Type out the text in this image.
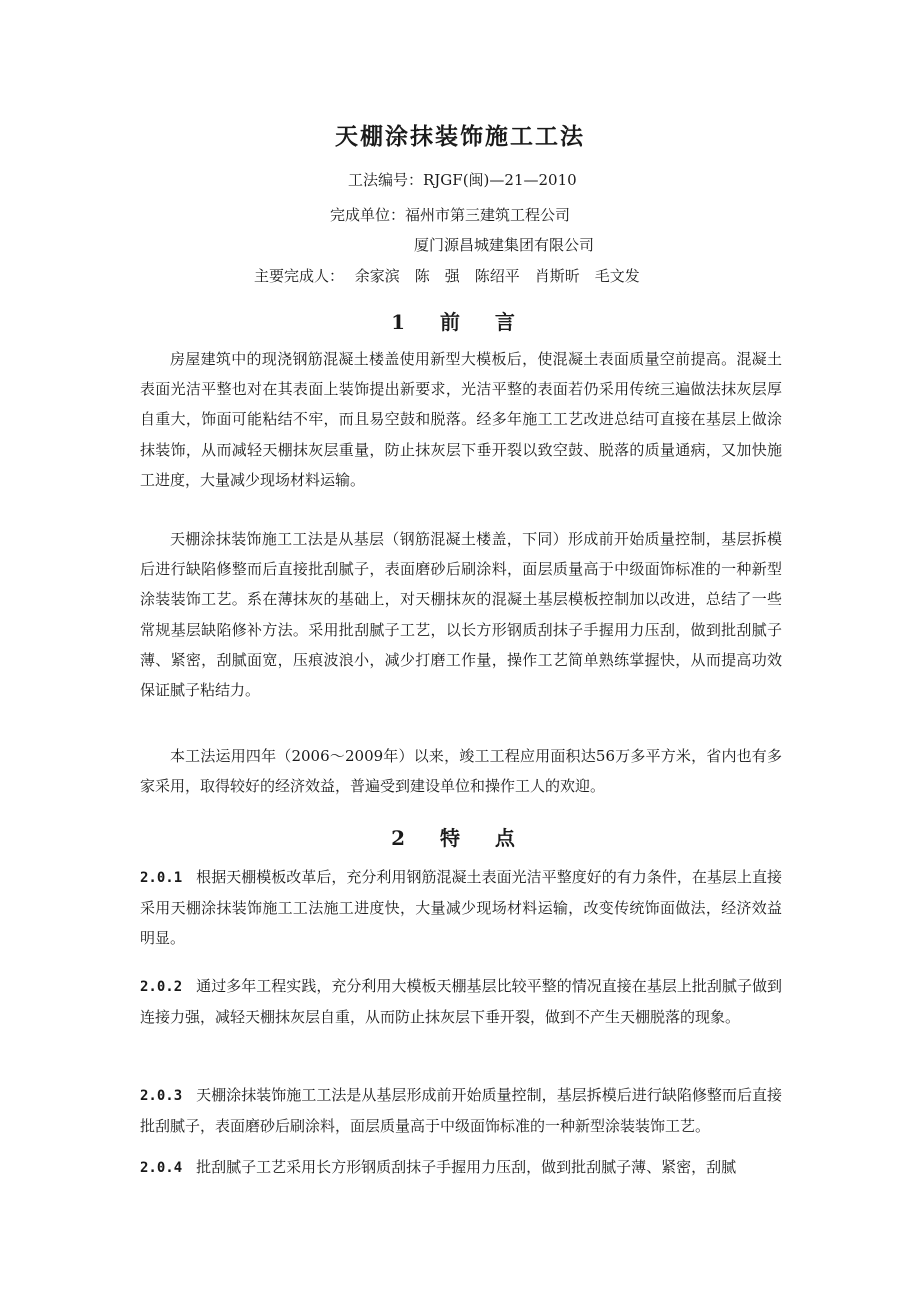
天棚涂抹装饰施工工法
工法编号：RJGF(闽)—21—2010
完成单位：福州市第三建筑工程公司
厦门源昌城建集团有限公司
主要完成人： 余家滨　陈　强　陈绍平　肖斯昕　毛文发
1 前 言

房屋建筑中的现浇钢筋混凝土楼盖使用新型大模板后，使混凝土表面质量空前提高。混凝土表面光洁平整也对在其表面上装饰提出新要求，光洁平整的表面若仍采用传统三遍做法抹灰层厚自重大，饰面可能粘结不牢，而且易空鼓和脱落。经多年施工工艺改进总结可直接在基层上做涂抹装饰，从而减轻天棚抹灰层重量，防止抹灰层下垂开裂以致空鼓、脱落的质量通病，又加快施工进度，大量减少现场材料运输。

天棚涂抹装饰施工工法是从基层（钢筋混凝土楼盖，下同）形成前开始质量控制，基层拆模后进行缺陷修整而后直接批刮腻子，表面磨砂后刷涂料，面层质量高于中级面饰标准的一种新型涂装装饰工艺。系在薄抹灰的基础上，对天棚抹灰的混凝土基层模板控制加以改进，总结了一些常规基层缺陷修补方法。采用批刮腻子工艺，以长方形钢质刮抹子手握用力压刮，做到批刮腻子薄、紧密，刮腻面宽，压痕波浪小，减少打磨工作量，操作工艺简单熟练掌握快，从而提高功效保证腻子粘结力。

本工法运用四年（2006～2009年）以来，竣工工程应用面积达56万多平方米，省内也有多家采用，取得较好的经济效益，普遍受到建设单位和操作工人的欢迎。

2 特 点

2.0.1 根据天棚模板改革后，充分利用钢筋混凝土表面光洁平整度好的有力条件，在基层上直接采用天棚涂抹装饰施工工法施工进度快，大量减少现场材料运输，改变传统饰面做法，经济效益明显。

2.0.2 通过多年工程实践，充分利用大模板天棚基层比较平整的情况直接在基层上批刮腻子做到连接力强，减轻天棚抹灰层自重，从而防止抹灰层下垂开裂，做到不产生天棚脱落的现象。

2.0.3 天棚涂抹装饰施工工法是从基层形成前开始质量控制，基层拆模后进行缺陷修整而后直接批刮腻子，表面磨砂后刷涂料，面层质量高于中级面饰标准的一种新型涂装装饰工艺。

2.0.4 批刮腻子工艺采用长方形钢质刮抹子手握用力压刮，做到批刮腻子薄、紧密，刮腻
